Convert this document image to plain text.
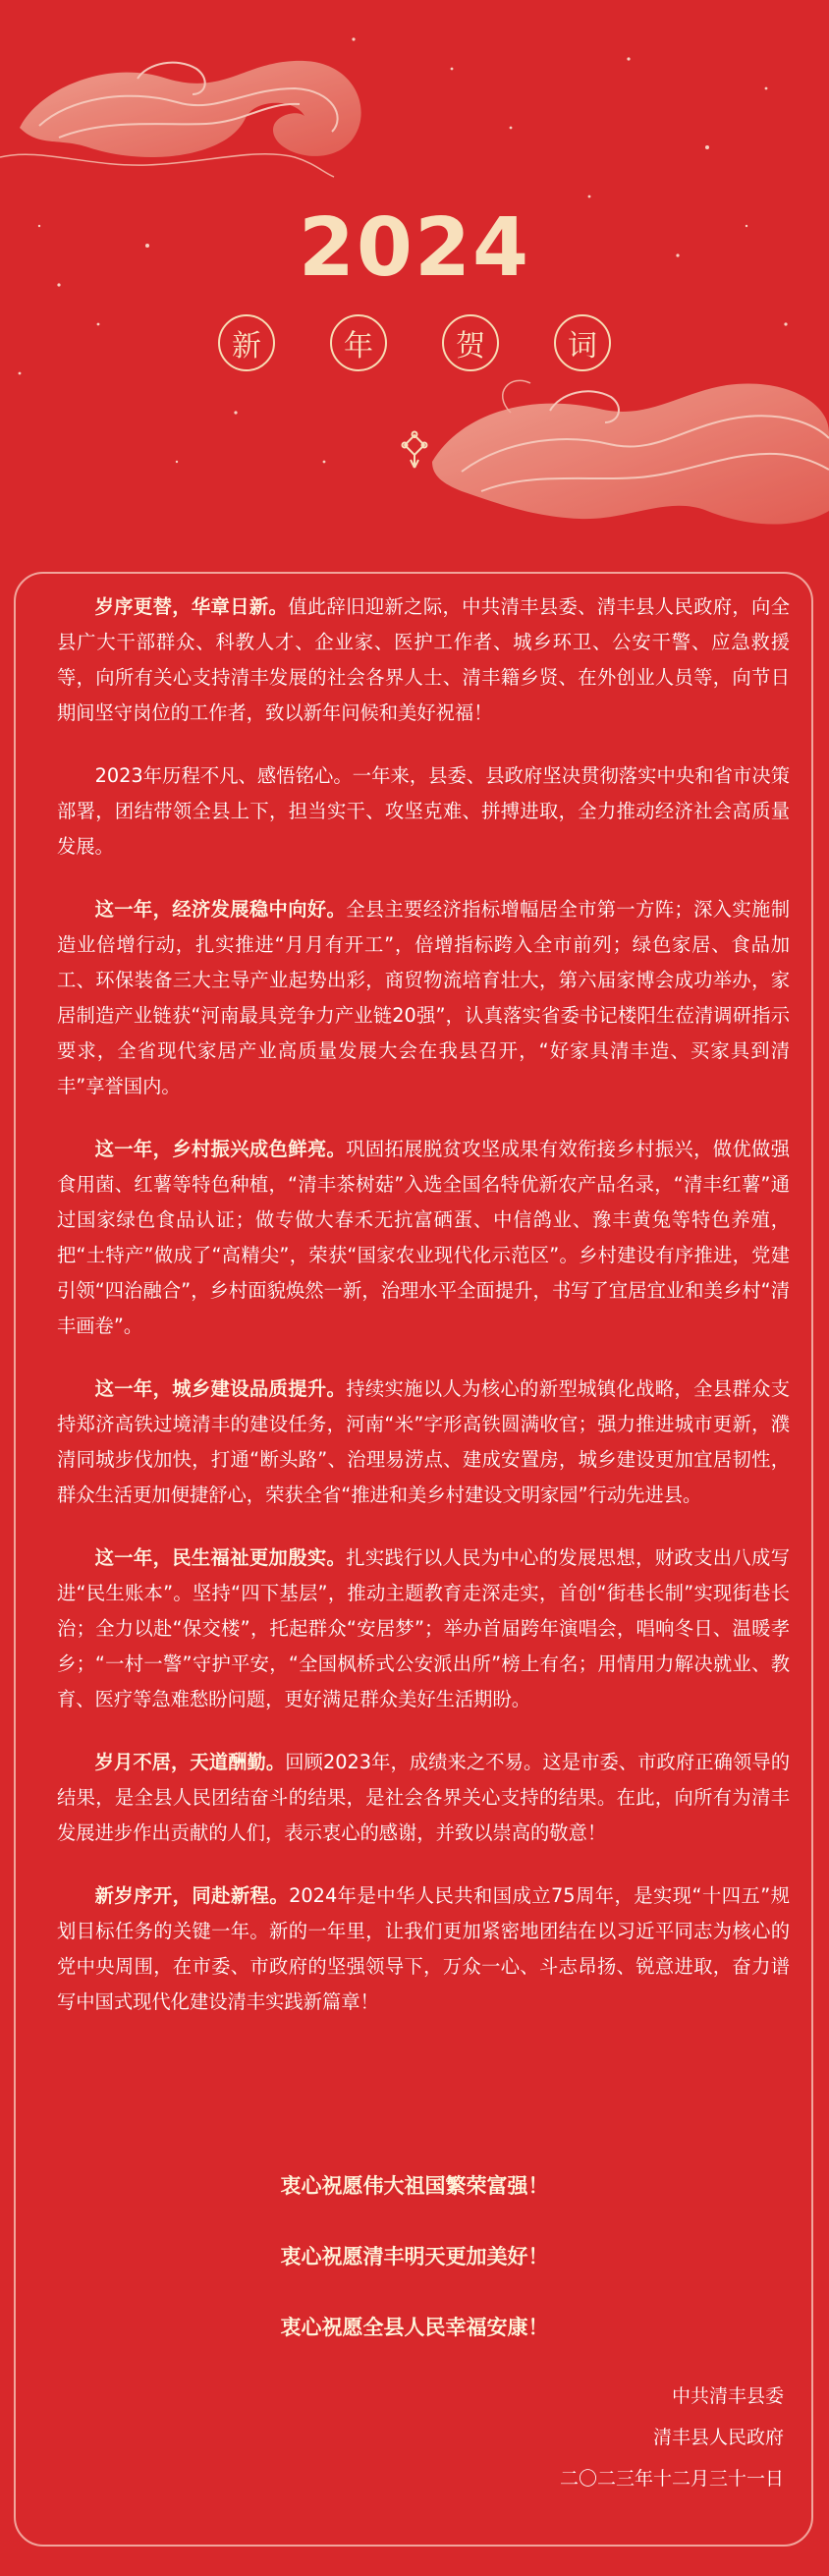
2024
新	年	贺	词

岁序更替，华章日新。值此辞旧迎新之际，中共清丰县委、清丰县人民政府，向全县广大干部群众、科教人才、企业家、医护工作者、城乡环卫、公安干警、应急救援等，向所有关心支持清丰发展的社会各界人士、清丰籍乡贤、在外创业人员等，向节日期间坚守岗位的工作者，致以新年问候和美好祝福！

2023年历程不凡、感悟铭心。一年来，县委、县政府坚决贯彻落实中央和省市决策部署，团结带领全县上下，担当实干、攻坚克难、拼搏进取，全力推动经济社会高质量发展。

这一年，经济发展稳中向好。全县主要经济指标增幅居全市第一方阵；深入实施制造业倍增行动，扎实推进“月月有开工”，倍增指标跨入全市前列；绿色家居、食品加工、环保装备三大主导产业起势出彩，商贸物流培育壮大，第六届家博会成功举办，家居制造产业链获“河南最具竞争力产业链20强”，认真落实省委书记楼阳生莅清调研指示要求，全省现代家居产业高质量发展大会在我县召开，“好家具清丰造、买家具到清丰”享誉国内。

这一年，乡村振兴成色鲜亮。巩固拓展脱贫攻坚成果有效衔接乡村振兴，做优做强食用菌、红薯等特色种植，“清丰茶树菇”入选全国名特优新农产品名录，“清丰红薯”通过国家绿色食品认证；做专做大春禾无抗富硒蛋、中信鸽业、豫丰黄兔等特色养殖，把“土特产”做成了“高精尖”，荣获“国家农业现代化示范区”。乡村建设有序推进，党建引领“四治融合”，乡村面貌焕然一新，治理水平全面提升，书写了宜居宜业和美乡村“清丰画卷”。

这一年，城乡建设品质提升。持续实施以人为核心的新型城镇化战略，全县群众支持郑济高铁过境清丰的建设任务，河南“米”字形高铁圆满收官；强力推进城市更新，濮清同城步伐加快，打通“断头路”、治理易涝点、建成安置房，城乡建设更加宜居韧性，群众生活更加便捷舒心，荣获全省“推进和美乡村建设文明家园”行动先进县。

这一年，民生福祉更加殷实。扎实践行以人民为中心的发展思想，财政支出八成写进“民生账本”。坚持“四下基层”，推动主题教育走深走实，首创“街巷长制”实现街巷长治；全力以赴“保交楼”，托起群众“安居梦”；举办首届跨年演唱会，唱响冬日、温暖孝乡；“一村一警”守护平安，“全国枫桥式公安派出所”榜上有名；用情用力解决就业、教育、医疗等急难愁盼问题，更好满足群众美好生活期盼。

岁月不居，天道酬勤。回顾2023年，成绩来之不易。这是市委、市政府正确领导的结果，是全县人民团结奋斗的结果，是社会各界关心支持的结果。在此，向所有为清丰发展进步作出贡献的人们，表示衷心的感谢，并致以崇高的敬意！

新岁序开，同赴新程。2024年是中华人民共和国成立75周年，是实现“十四五”规划目标任务的关键一年。新的一年里，让我们更加紧密地团结在以习近平同志为核心的党中央周围，在市委、市政府的坚强领导下，万众一心、斗志昂扬、锐意进取，奋力谱写中国式现代化建设清丰实践新篇章！

衷心祝愿伟大祖国繁荣富强！
衷心祝愿清丰明天更加美好！
衷心祝愿全县人民幸福安康！
中共清丰县委
清丰县人民政府
二〇二三年十二月三十一日
